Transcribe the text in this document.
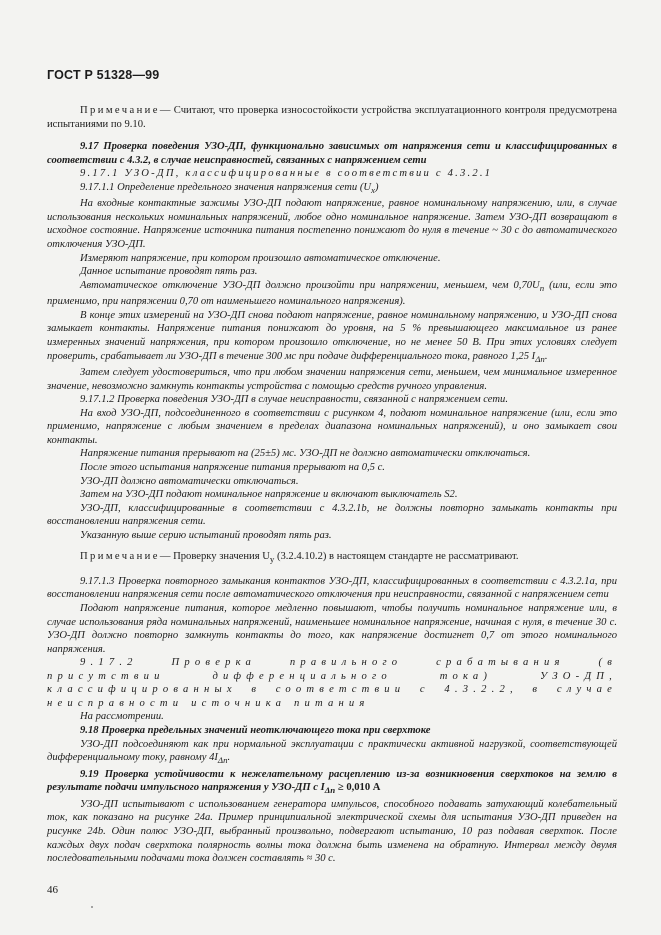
ГОСТ Р 51328—99

Примечание— Считают, что проверка износостойкости устройства эксплуатационного контроля предусмотрена испытаниями по 9.10.

9.17 Проверка поведения УЗО-ДП, функционально зависимых от напряжения сети и классифицированных в соответствии с 4.3.2, в случае неисправностей, связанных с напряжением сети

9.17.1 УЗО-ДП, классифицированные в соответствии с 4.3.2.1

9.17.1.1 Определение предельного значения напряжения сети $(U_x)$

На входные контактные зажимы УЗО-ДП подают напряжение, равное номинальному напряжению, или, в случае использования нескольких номинальных напряжений, любое одно номинальное напряжение. Затем УЗО-ДП возвращают в исходное состояние. Напряжение источника питания постепенно понижают до нуля в течение ~ 30 с до автоматического отключения УЗО-ДП.

Измеряют напряжение, при котором произошло автоматическое отключение.

Данное испытание проводят пять раз.

Автоматическое отключение УЗО-ДП должно произойти при напряжении, меньшем, чем $0,70U_n$ (или, если это применимо, при напряжении 0,70 от наименьшего номинального напряжения).

В конце этих измерений на УЗО-ДП снова подают напряжение, равное номинальному напряжению, и УЗО-ДП снова замыкает контакты. Напряжение питания понижают до уровня, на 5 % превышающего максимальное из ранее измеренных значений напряжения, при котором произошло отключение, но не менее 50 В. При этих условиях следует проверить, срабатывает ли УЗО-ДП в течение 300 мс при подаче дифференциального тока, равного 1,25 $I_{\Delta n}$.

Затем следует удостовериться, что при любом значении напряжения сети, меньшем, чем минимальное измеренное значение, невозможно замкнуть контакты устройства с помощью средств ручного управления.

9.17.1.2 Проверка поведения УЗО-ДП в случае неисправности, связанной с напряжением сети.

На вход УЗО-ДП, подсоединенного в соответствии с рисунком 4, подают номинальное напряжение (или, если это применимо, напряжение с любым значением в пределах диапазона номинальных напряжений), и оно замыкает свои контакты.

Напряжение питания прерывают на (25±5) мс. УЗО-ДП не должно автоматически отключаться.

После этого испытания напряжение питания прерывают на 0,5 с.

УЗО-ДП должно автоматически отключаться.

Затем на УЗО-ДП подают номинальное напряжение и включают выключатель S2.

УЗО-ДП, классифицированные в соответствии с 4.3.2.1b, не должны повторно замыкать контакты при восстановлении напряжения сети.

Указанную выше серию испытаний проводят пять раз.

Примечание— Проверку значения $U_y$ (3.2.4.10.2) в настоящем стандарте не рассматривают.

9.17.1.3 Проверка повторного замыкания контактов УЗО-ДП, классифицированных в соответствии с 4.3.2.1a, при восстановлении напряжения сети после автоматического отключения при неисправности, связанной с напряжением сети

Подают напряжение питания, которое медленно повышают, чтобы получить номинальное напряжение или, в случае использования ряда номинальных напряжений, наименьшее номинальное напряжение, начиная с нуля, в течение 30 с. УЗО-ДП должно повторно замкнуть контакты до того, как напряжение достигнет 0,7 от этого номинального напряжения.

9.17.2 Проверка правильного срабатывания (в присутствии дифференциального тока) УЗО-ДП, классифицированных в соответствии с 4.3.2.2, в случае неисправности источника питания

На рассмотрении.

9.18 Проверка предельных значений неотключающего тока при сверхтоке

УЗО-ДП подсоединяют как при нормальной эксплуатации с практически активной нагрузкой, соответствующей дифференциальному току, равному $4I_{\Delta n}$.

9.19 Проверка устойчивости к нежелательному расцеплению из-за возникновения сверхтоков на землю в результате подачи импульсного напряжения у УЗО-ДП с $I_{\Delta n} \ge 0,010$ А

УЗО-ДП испытывают с использованием генератора импульсов, способного подавать затухающий колебательный ток, как показано на рисунке 24a. Пример принципиальной электрической схемы для испытания УЗО-ДП приведен на рисунке 24b. Один полюс УЗО-ДП, выбранный произвольно, подвергают испытанию, 10 раз подавая сверхток. После каждых двух подач сверхтока полярность волны тока должна быть изменена на обратную. Интервал между двумя последовательными подачами тока должен составлять ≈ 30 с.

46
